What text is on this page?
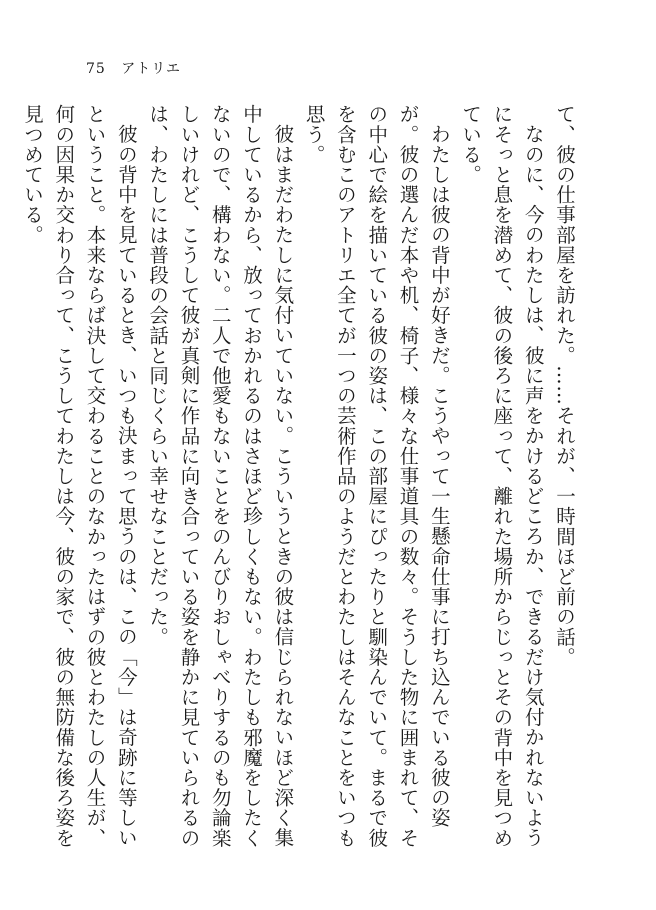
75 アトリエ

て、彼の仕事部屋を訪れた。……それが、一時間ほど前の話。

なのに、今のわたしは、彼に声をかけるどころか、できるだけ気付かれないようにそっと息を潜めて、彼の後ろに座って、離れた場所からじっとその背中を見つめている。

わたしは彼の背中が好きだ。こうやって一生懸命仕事に打ち込んでいる彼の姿が。彼の選んだ本や机、椅子、様々な仕事道具の数々。そうした物に囲まれて、その中心で絵を描いている彼の姿は、この部屋にぴったりと馴染んでいて。まるで彼を含むこのアトリエ全てが一つの芸術作品のようだとわたしはそんなことをいつも思う。

彼はまだわたしに気付いていない。こういうときの彼は信じられないほど深く集中しているから、放っておかれるのはさほど珍しくもない。わたしも邪魔をしたくないので、構わない。二人で他愛もないことをのんびりおしゃべりするのも勿論楽しいけれど、こうして彼が真剣に作品に向き合っている姿を静かに見ていられるのは、わたしには普段の会話と同じくらい幸せなことだった。

彼の背中を見ているとき、いつも決まって思うのは、この「今」は奇跡に等しいということ。本来ならば決して交わることのなかったはずの彼とわたしの人生が、何の因果か交わり合って、こうしてわたしは今、彼の家で、彼の無防備な後ろ姿を見つめている。
